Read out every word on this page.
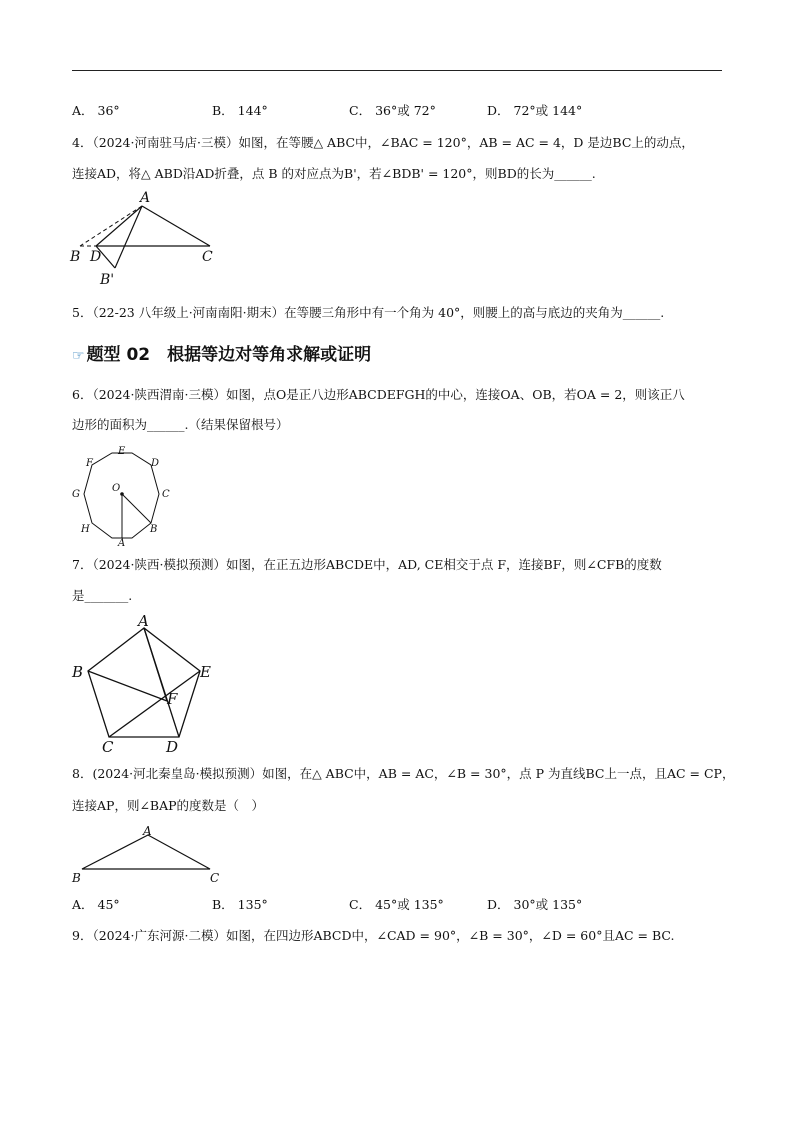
A． 36°	B． 144°	C． 36°或 72°	D． 72°或 144°
4．（2024·河南驻马店·三模）如图，在等腰△ ABC中，∠BAC = 120°，AB = AC = 4，D 是边BC上的动点，
连接AD，将△ ABD沿AD折叠，点 B 的对应点为B'，若∠BDB' = 120°，则BD的长为______.
A
B D	C
B'
5．（22-23 八年级上·河南南阳·期末）在等腰三角形中有一个角为 40°，则腰上的高与底边的夹角为______.
☞ 题型 02　根据等边对等角求解或证明
6．（2024·陕西渭南·三模）如图，点O是正八边形ABCDEFGH的中心，连接OA、OB，若OA = 2，则该正八
边形的面积为______.（结果保留根号）
E
F	D
G	C
O
H	B
A
7．（2024·陕西·模拟预测）如图，在正五边形ABCDE中，AD, CE相交于点 F，连接BF，则∠CFB的度数
是_______.
A
B	E
F
C	D
8．(2024·河北秦皇岛·模拟预测）如图，在△ ABC中，AB = AC，∠B = 30°，点 P 为直线BC上一点，且AC = CP，
连接AP，则∠BAP的度数是（　）
A
B	C
A． 45°	B． 135°	C． 45°或 135°	D． 30°或 135°
9．（2024·广东河源·二模）如图，在四边形ABCD中，∠CAD = 90°，∠B = 30°，∠D = 60°且AC = BC.
